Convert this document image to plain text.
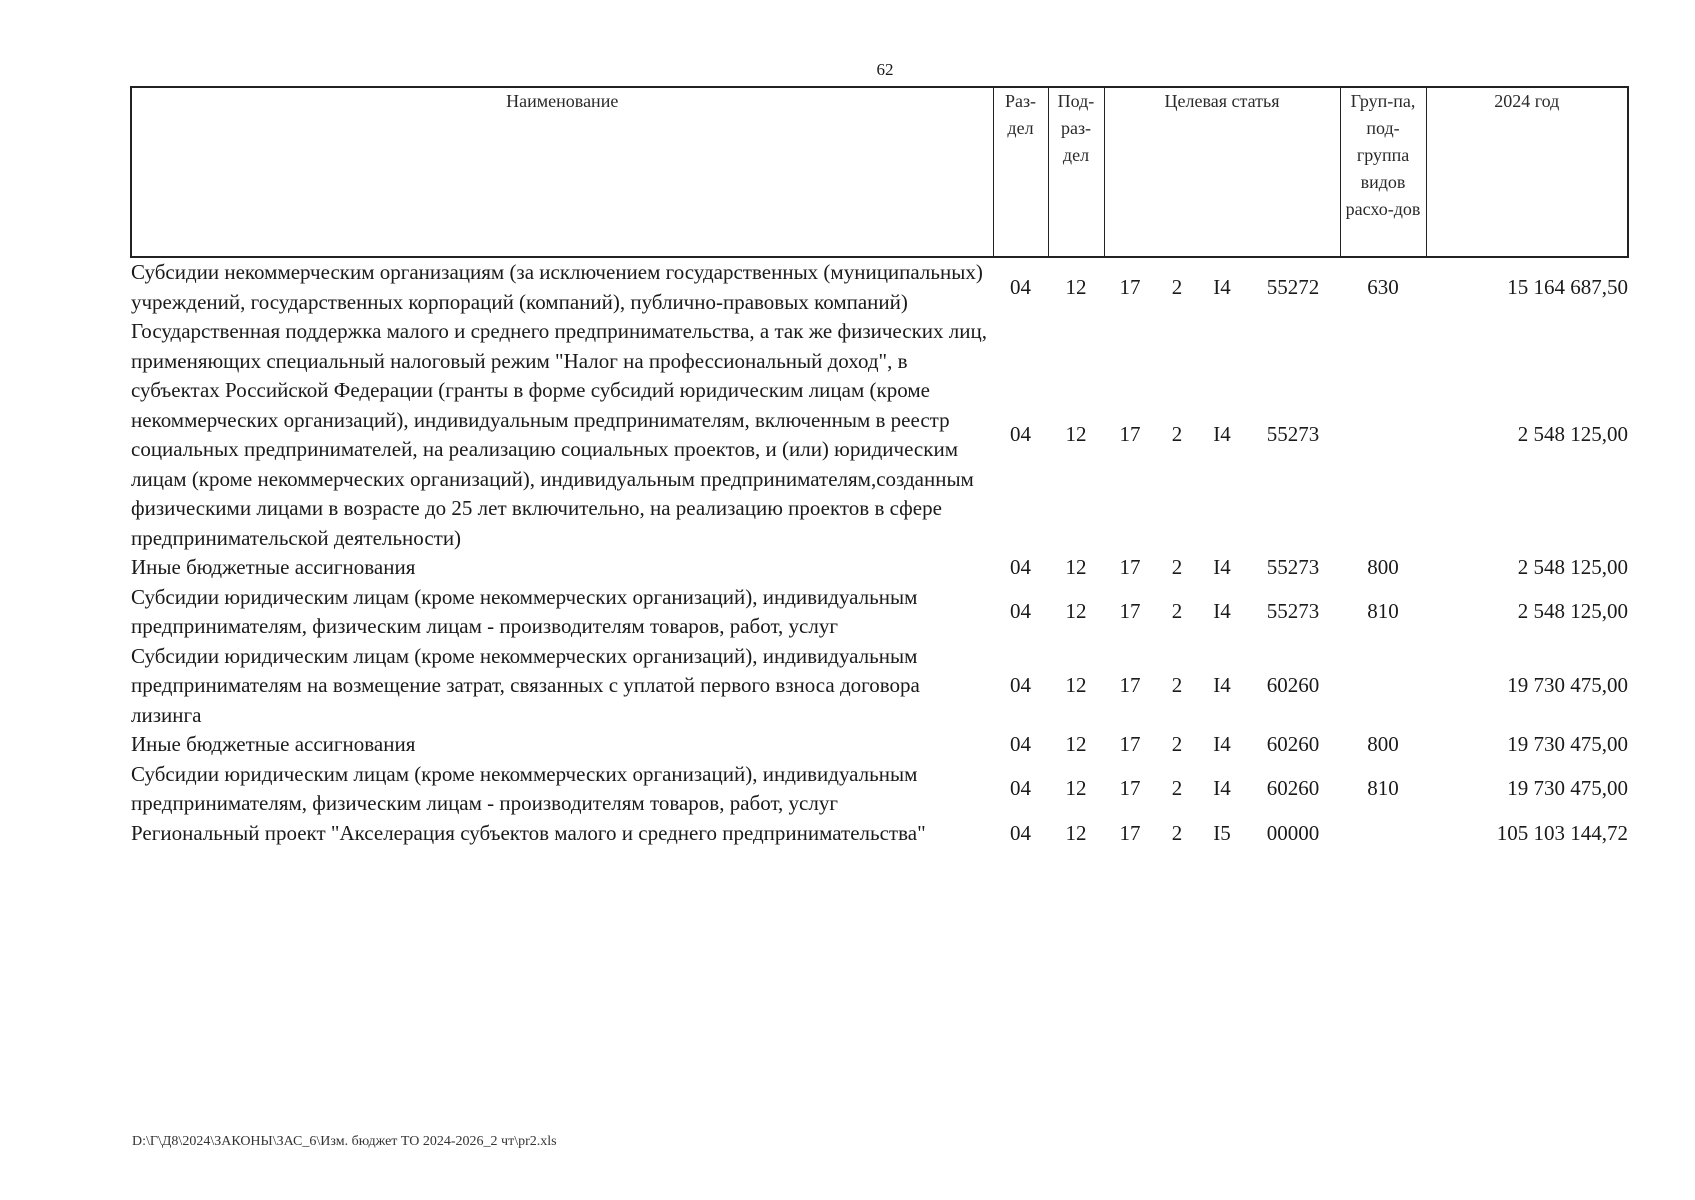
62
Наименование	Раз-дел	Под-раз-дел	Целевая статья				Груп-па, под-группа видов расхо-дов	2024 год
Субсидии некоммерческим организациям (за исключением государственных (муниципальных) учреждений, государственных корпораций (компаний), публично-правовых компаний)	04	12	17	2	I4	55272	630	15 164 687,50
Государственная поддержка малого и среднего предпринимательства, а так же физических лиц, применяющих специальный налоговый режим "Налог на профессиональный доход", в субъектах Российской Федерации (гранты в форме субсидий юридическим лицам (кроме некоммерческих организаций), индивидуальным предпринимателям, включенным в реестр социальных предпринимателей, на реализацию социальных проектов, и (или) юридическим лицам (кроме некоммерческих организаций), индивидуальным предпринимателям,созданным физическими лицами в возрасте до 25 лет включительно, на реализацию проектов в сфере предпринимательской деятельности)	04	12	17	2	I4	55273		2 548 125,00
Иные бюджетные ассигнования	04	12	17	2	I4	55273	800	2 548 125,00
Субсидии юридическим лицам (кроме некоммерческих организаций), индивидуальным предпринимателям, физическим лицам - производителям товаров, работ, услуг	04	12	17	2	I4	55273	810	2 548 125,00
Субсидии юридическим лицам (кроме некоммерческих организаций), индивидуальным предпринимателям на возмещение затрат, связанных с уплатой первого взноса договора лизинга	04	12	17	2	I4	60260		19 730 475,00
Иные бюджетные ассигнования	04	12	17	2	I4	60260	800	19 730 475,00
Субсидии юридическим лицам (кроме некоммерческих организаций), индивидуальным предпринимателям, физическим лицам - производителям товаров, работ, услуг	04	12	17	2	I4	60260	810	19 730 475,00
Региональный проект "Акселерация субъектов малого и среднего предпринимательства"	04	12	17	2	I5	00000		105 103 144,72
D:\Г\Д8\2024\ЗАКОНЫ\ЗАС_6\Изм. бюджет ТО 2024-2026_2 чт\pr2.xls
